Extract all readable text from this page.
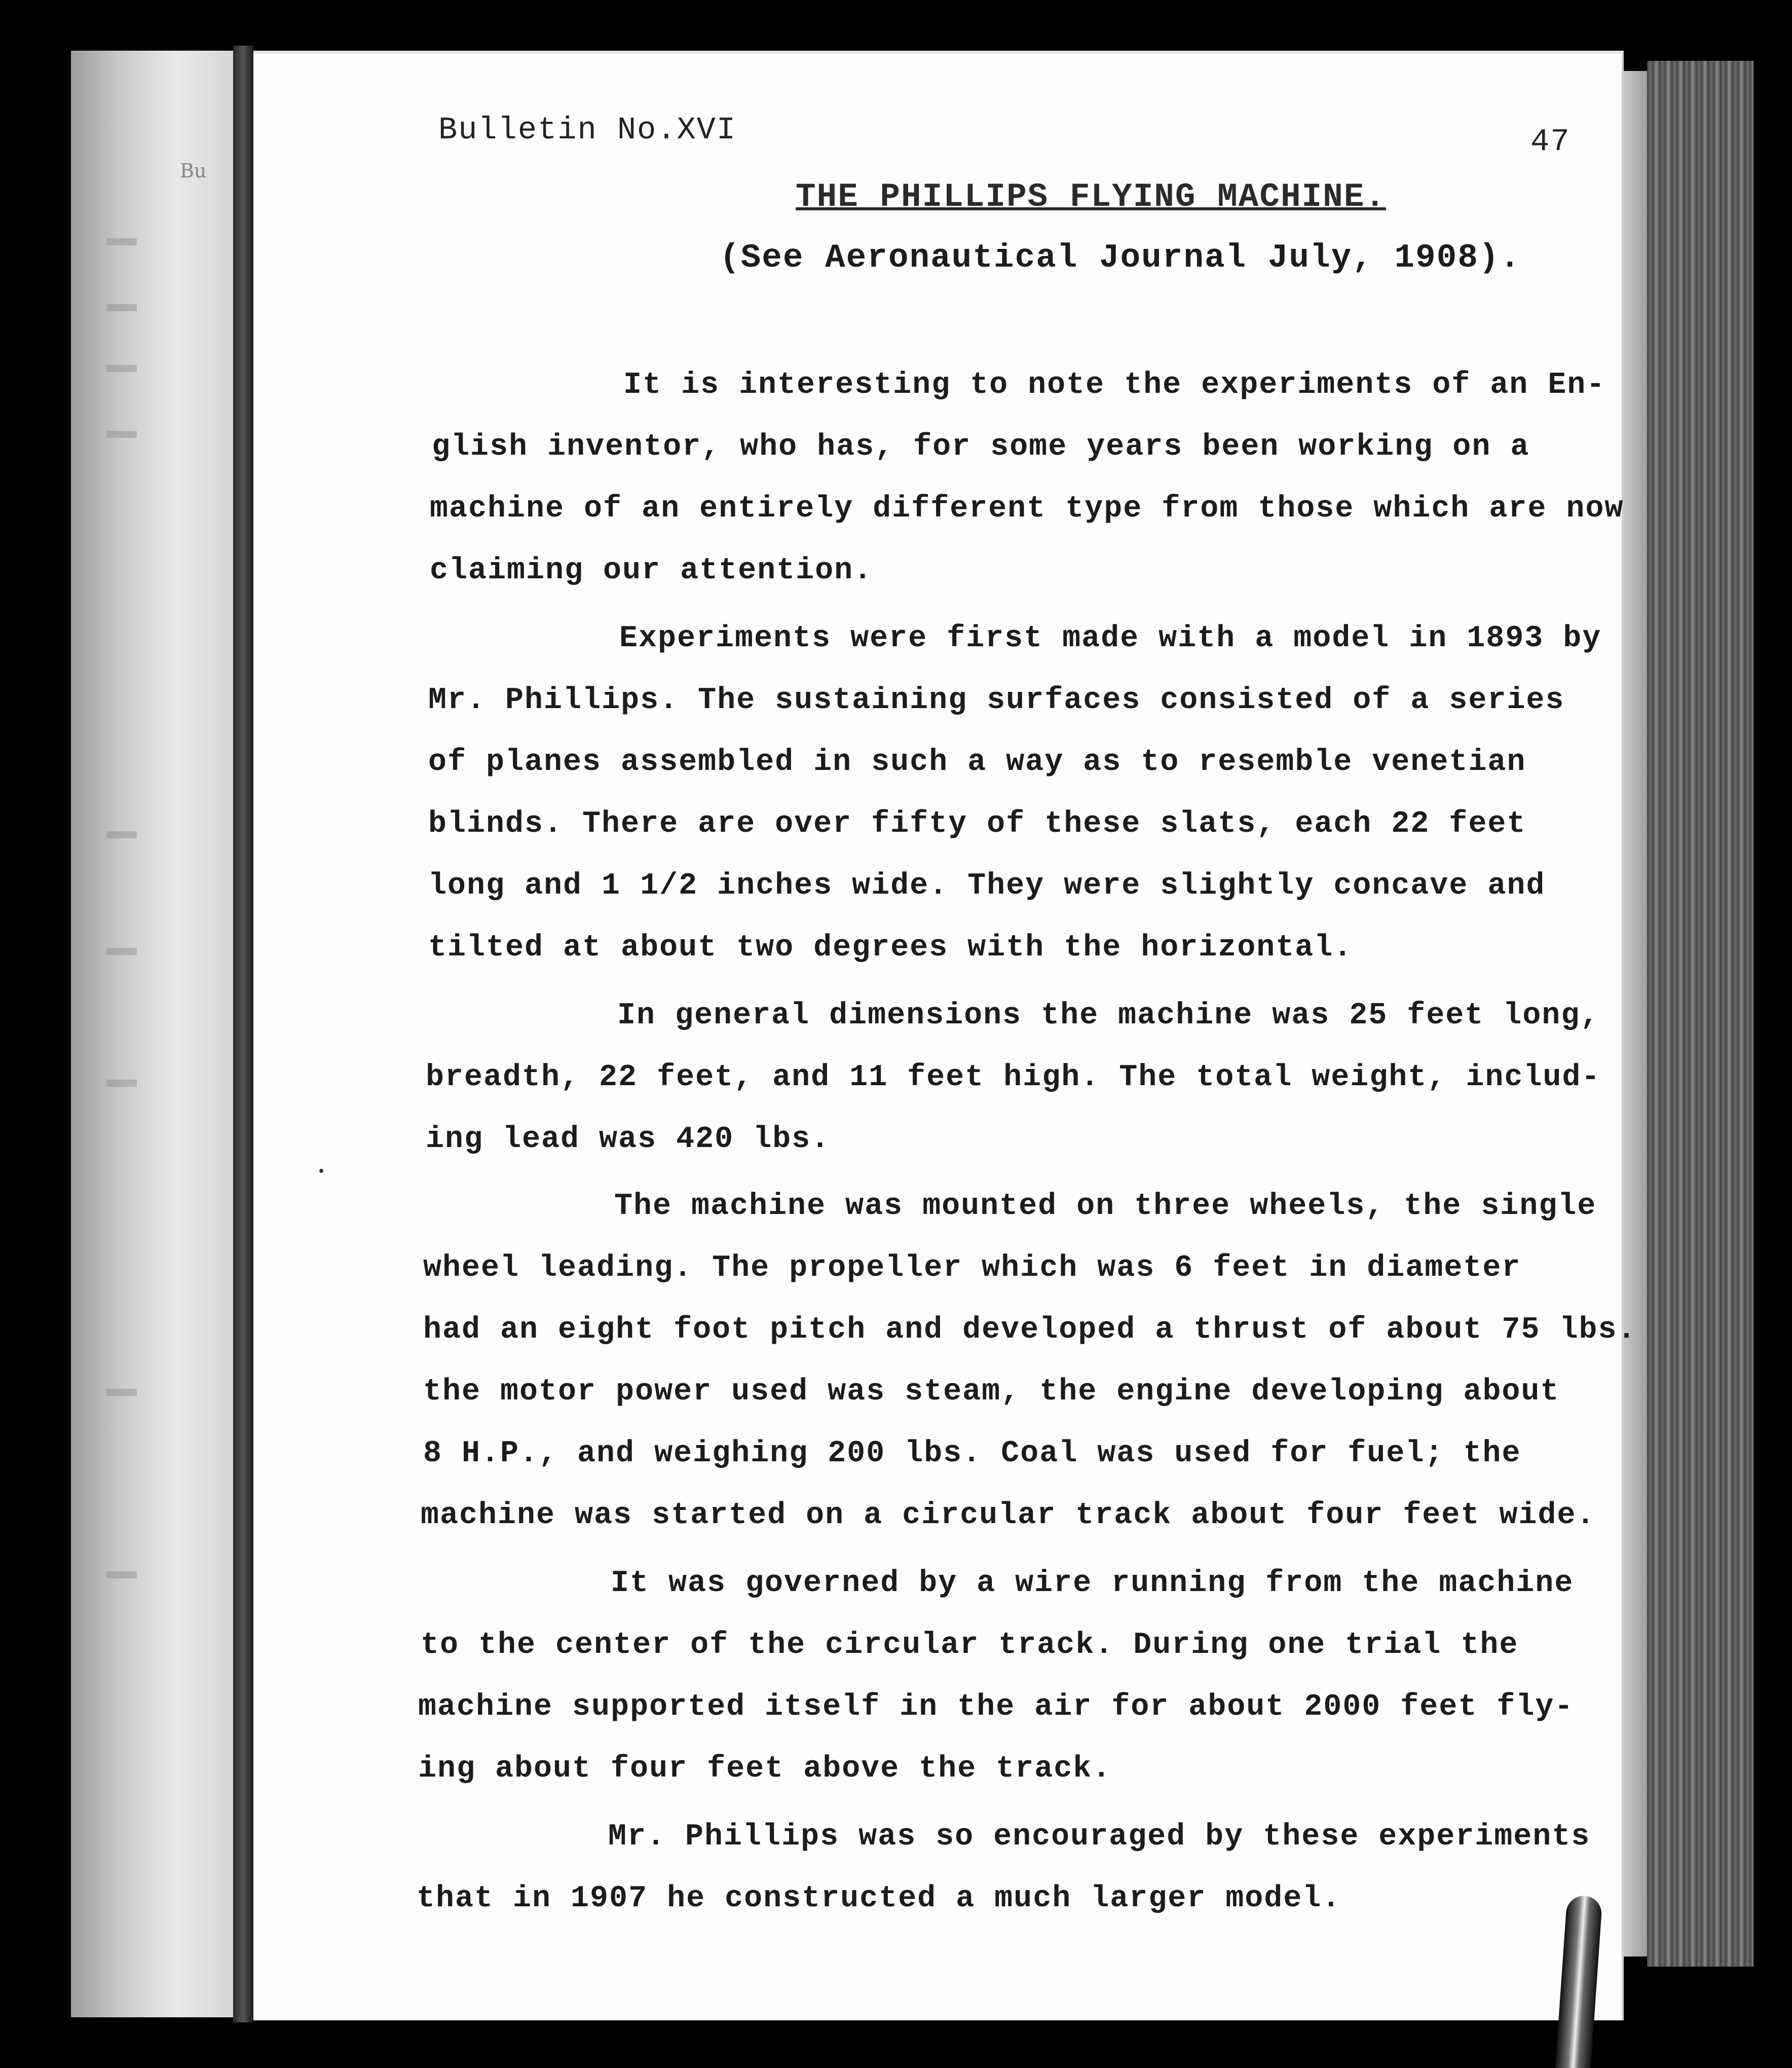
Bu
Bulletin No.XVI	47
THE PHILLIPS FLYING MACHINE.
(See Aeronautical Journal July, 1908).
It is interesting to note the experiments of an En-
glish inventor, who has, for some years been working on a
machine of an entirely different type from those which are now
claiming our attention.
Experiments were first made with a model in 1893 by
Mr. Phillips. The sustaining surfaces consisted of a series
of planes assembled in such a way as to resemble venetian
blinds. There are over fifty of these slats, each 22 feet
long and 1 1/2 inches wide. They were slightly concave and
tilted at about two degrees with the horizontal.
In general dimensions the machine was 25 feet long,
breadth, 22 feet, and 11 feet high. The total weight, includ-
ing lead was 420 lbs.
The machine was mounted on three wheels, the single
wheel leading. The propeller which was 6 feet in diameter
had an eight foot pitch and developed a thrust of about 75 lbs.
the motor power used was steam, the engine developing about
8 H.P., and weighing 200 lbs. Coal was used for fuel; the
machine was started on a circular track about four feet wide.
It was governed by a wire running from the machine
to the center of the circular track. During one trial the
machine supported itself in the air for about 2000 feet fly-
ing about four feet above the track.
Mr. Phillips was so encouraged by these experiments
that in 1907 he constructed a much larger model.
